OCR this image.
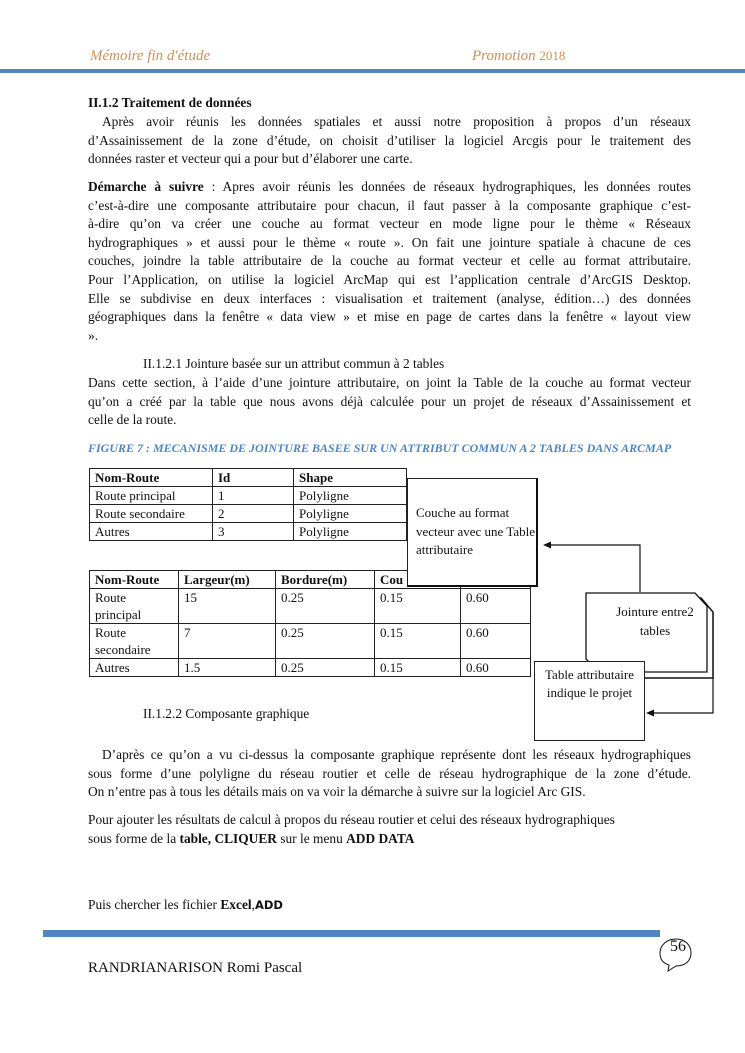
Mémoire fin d'étude	Promotion 2018
II.1.2 Traitement de données
Après avoir réunis les données spatiales et aussi notre proposition à propos d’un réseaux
d’Assainissement de la zone d’étude, on choisit d’utiliser la logiciel Arcgis pour le traitement des
données raster et vecteur qui a pour but d’élaborer une carte.
Démarche à suivre : Apres avoir réunis les données de réseaux hydrographiques, les données routes
c’est-à-dire une composante attributaire pour chacun, il faut passer à la composante graphique c’est-
à-dire qu’on va créer une couche au format vecteur en mode ligne pour le thème « Réseaux
hydrographiques » et aussi pour le thème « route ». On fait une jointure spatiale à chacune de ces
couches, joindre la table attributaire de la couche au format vecteur et celle au format attributaire.
Pour l’Application, on utilise la logiciel ArcMap qui est l’application centrale d’ArcGIS Desktop.
Elle se subdivise en deux interfaces : visualisation et traitement (analyse, édition…) des données
géographiques dans la fenêtre « data view » et mise en page de cartes dans la fenêtre « layout view
».
II.1.2.1 Jointure basée sur un attribut commun à 2 tables
Dans cette section, à l’aide d’une jointure attributaire, on joint la Table de la couche au format vecteur
qu’on a créé par la table que nous avons déjà calculée pour un projet de réseaux d’Assainissement et
celle de la route.
FIGURE 7 : MECANISME DE JOINTURE BASEE SUR UN ATTRIBUT COMMUN A 2 TABLES DANS ARCMAP
Nom-Route	Id	Shape
Route principal	1	Polyligne
Route secondaire	2	Polyligne
Autres	3	Polyligne
Nom-Route	Largeur(m)	Bordure(m)	Cou	
Route principal	15	0.25	0.15	0.60
Route secondaire	7	0.25	0.15	0.60
Autres	1.5	0.25	0.15	0.60
II.1.2.2 Composante graphique
D’après ce qu’on a vu ci-dessus la composante graphique représente dont les réseaux hydrographiques
sous forme d’une polyligne du réseau routier et celle de réseau hydrographique de la zone d’étude.
On n’entre pas à tous les détails mais on va voir la démarche à suivre sur la logiciel Arc GIS.
Pour ajouter les résultats de calcul à propos du réseau routier et celui des réseaux hydrographiques
sous forme de la table, CLIQUER sur le menu ADD DATA
Puis chercher les fichier Excel,ADD
Couche au format vecteur avec une Table attributaire
Jointure entre2 tables
Table attributaire indique le projet
56
RANDRIANARISON Romi Pascal
